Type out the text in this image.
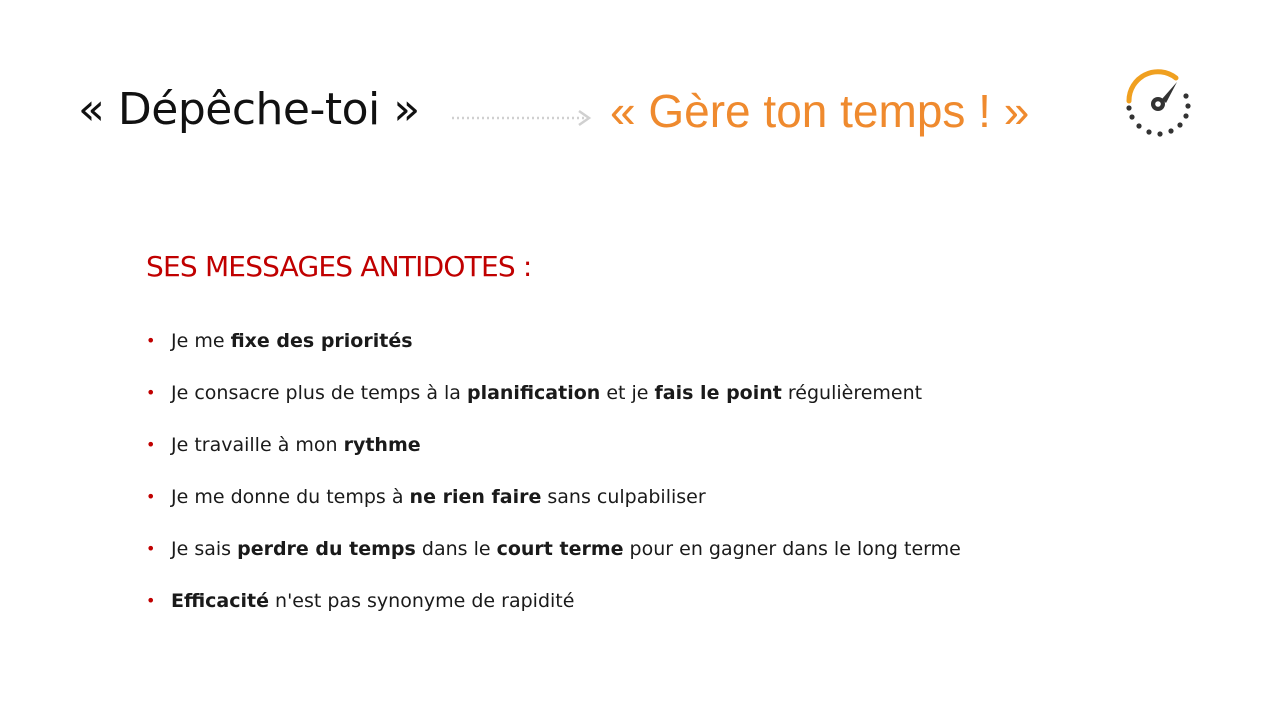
« Dépêche-toi »	« Gère ton temps ! »
SES MESSAGES ANTIDOTES :
• Je me fixe des priorités
• Je consacre plus de temps à la planification et je fais le point régulièrement
• Je travaille à mon rythme
• Je me donne du temps à ne rien faire sans culpabiliser
• Je sais perdre du temps dans le court terme pour en gagner dans le long terme
• Efficacité n'est pas synonyme de rapidité
